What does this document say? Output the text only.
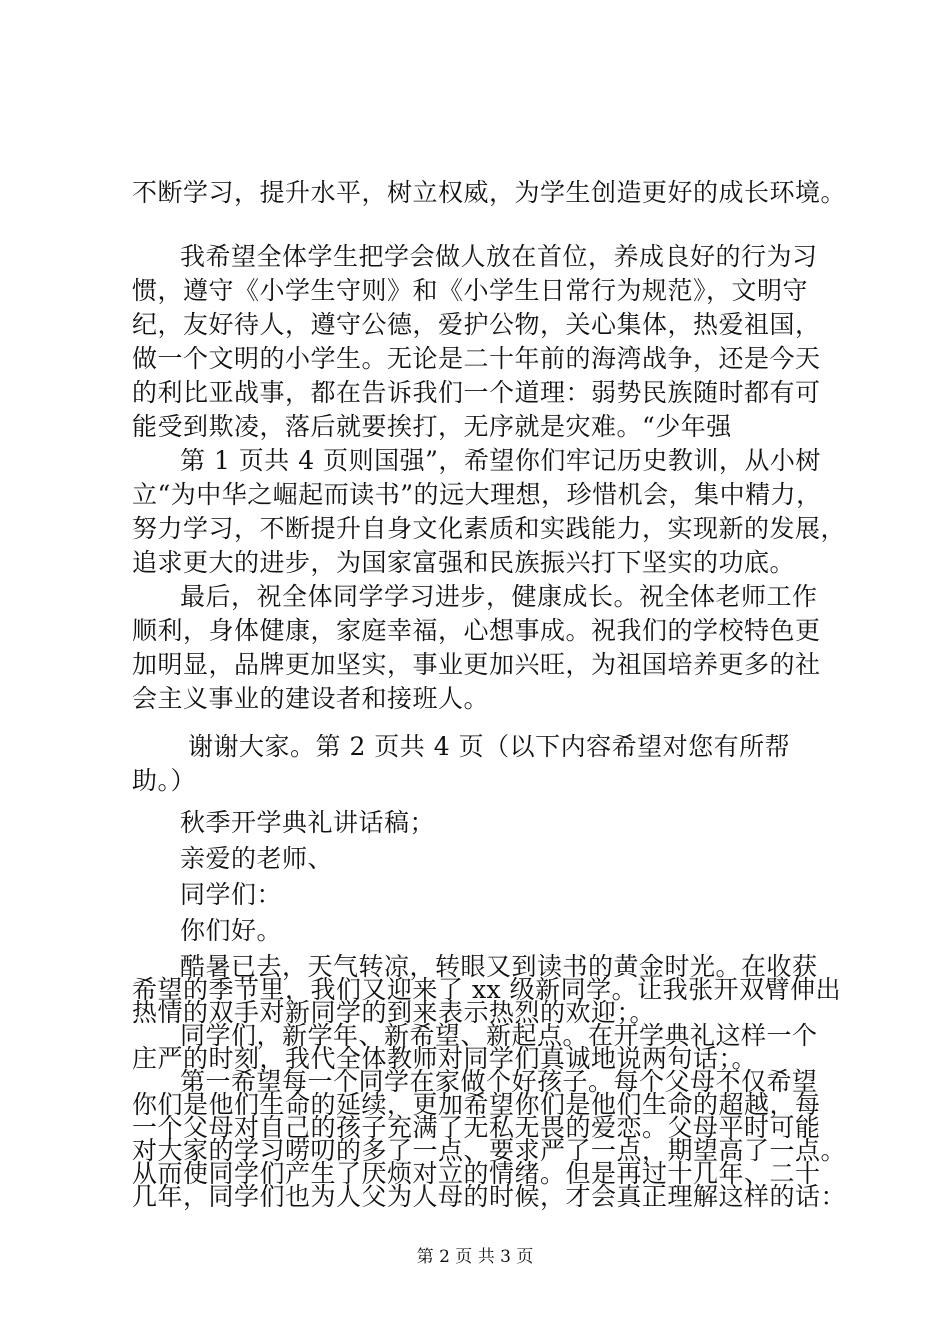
不断学习，提升水平，树立权威，为学生创造更好的成长环境。
我希望全体学生把学会做人放在首位，养成良好的行为习
惯，遵守《小学生守则》和《小学生日常行为规范》，文明守
纪，友好待人，遵守公德，爱护公物，关心集体，热爱祖国，
做一个文明的小学生。无论是二十年前的海湾战争，还是今天
的利比亚战事，都在告诉我们一个道理：弱势民族随时都有可
能受到欺凌，落后就要挨打，无序就是灾难。“少年强
第 1 页共 4 页则国强”，希望你们牢记历史教训，从小树
立“为中华之崛起而读书”的远大理想，珍惜机会，集中精力，
努力学习，不断提升自身文化素质和实践能力，实现新的发展，
追求更大的进步，为国家富强和民族振兴打下坚实的功底。
最后，祝全体同学学习进步，健康成长。祝全体老师工作
顺利，身体健康，家庭幸福，心想事成。祝我们的学校特色更
加明显，品牌更加坚实，事业更加兴旺，为祖国培养更多的社
会主义事业的建设者和接班人。
谢谢大家。第 2 页共 4 页（以下内容希望对您有所帮
助。）
秋季开学典礼讲话稿；
亲爱的老师、
同学们：
你们好。
酷暑已去，天气转凉，转眼又到读书的黄金时光。在收获
希望的季节里，我们又迎来了 xx 级新同学。让我张开双臂伸出
热情的双手对新同学的到来表示热烈的欢迎；。
同学们，新学年、新希望、新起点。在开学典礼这样一个
庄严的时刻，我代全体教师对同学们真诚地说两句话；。
第一希望每一个同学在家做个好孩子。每个父母不仅希望
你们是他们生命的延续，更加希望你们是他们生命的超越，每
一个父母对自己的孩子充满了无私无畏的爱恋。父母平时可能
对大家的学习唠叨的多了一点、要求严了一点，期望高了一点。
从而使同学们产生了厌烦对立的情绪。但是再过十几年、二十
几年，同学们也为人父为人母的时候，才会真正理解这样的话：
第 2 页 共 3 页
